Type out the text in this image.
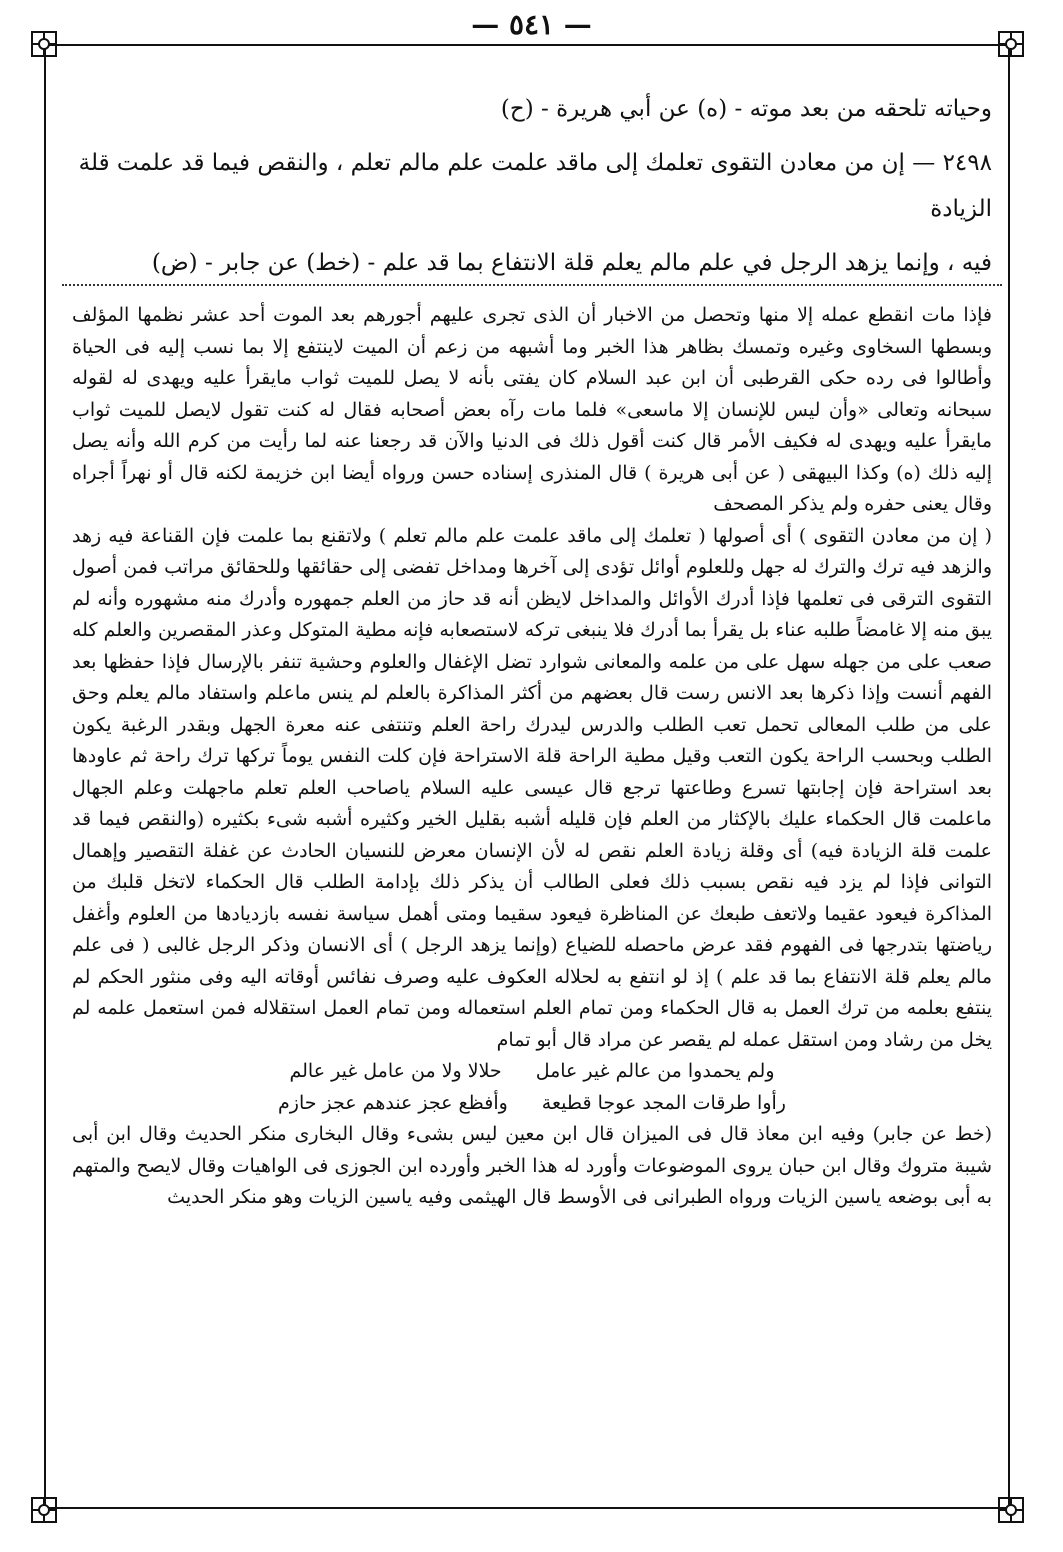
— ٥٤١ —

وحياته تلحقه من بعد موته - (ه) عن أبي هريرة - (ح)

٢٤٩٨ — إن من معادن التقوى تعلمك إلى ماقد علمت علم مالم تعلم ، والنقص فيما قد علمت قلة الزيادة

فيه ، وإنما يزهد الرجل في علم مالم يعلم قلة الانتفاع بما قد علم - (خط) عن جابر - (ض)

فإذا مات انقطع عمله إلا منها وتحصل من الاخبار أن الذى تجرى عليهم أجورهم بعد الموت أحد عشر نظمها المؤلف وبسطها السخاوى وغيره وتمسك بظاهر هذا الخبر وما أشبهه من زعم أن الميت لاينتفع إلا بما نسب إليه فى الحياة وأطالوا فى رده حكى القرطبى أن ابن عبد السلام كان يفتى بأنه لا يصل للميت ثواب مايقرأ عليه ويهدى له لقوله سبحانه وتعالى «وأن ليس للإنسان إلا ماسعى» فلما مات رآه بعض أصحابه فقال له كنت تقول لايصل للميت ثواب مايقرأ عليه ويهدى له فكيف الأمر قال كنت أقول ذلك فى الدنيا والآن قد رجعنا عنه لما رأيت من كرم الله وأنه يصل إليه ذلك (ه) وكذا البيهقى ( عن أبى هريرة ) قال المنذرى إسناده حسن ورواه أيضا ابن خزيمة لكنه قال أو نهراً أجراه وقال يعنى حفره ولم يذكر المصحف

( إن من معادن التقوى ) أى أصولها ( تعلمك إلى ماقد علمت علم مالم تعلم ) ولاتقنع بما علمت فإن القناعة فيه زهد والزهد فيه ترك والترك له جهل وللعلوم أوائل تؤدى إلى آخرها ومداخل تفضى إلى حقائقها وللحقائق مراتب فمن أصول التقوى الترقى فى تعلمها فإذا أدرك الأوائل والمداخل لايظن أنه قد حاز من العلم جمهوره وأدرك منه مشهوره وأنه لم يبق منه إلا غامضاً طلبه عناء بل يقرأ بما أدرك فلا ينبغى تركه لاستصعابه فإنه مطية المتوكل وعذر المقصرين والعلم كله صعب على من جهله سهل على من علمه والمعانى شوارد تضل الإغفال والعلوم وحشية تنفر بالإرسال فإذا حفظها بعد الفهم أنست وإذا ذكرها بعد الانس رست قال بعضهم من أكثر المذاكرة بالعلم لم ينس ماعلم واستفاد مالم يعلم وحق على من طلب المعالى تحمل تعب الطلب والدرس ليدرك راحة العلم وتنتفى عنه معرة الجهل وبقدر الرغبة يكون الطلب وبحسب الراحة يكون التعب وقيل مطية الراحة قلة الاستراحة فإن كلت النفس يوماً تركها ترك راحة ثم عاودها بعد استراحة فإن إجابتها تسرع وطاعتها ترجع قال عيسى عليه السلام ياصاحب العلم تعلم ماجهلت وعلم الجهال ماعلمت قال الحكماء عليك بالإكثار من العلم فإن قليله أشبه بقليل الخير وكثيره أشبه شىء بكثيره (والنقص فيما قد علمت قلة الزيادة فيه) أى وقلة زيادة العلم نقص له لأن الإنسان معرض للنسيان الحادث عن غفلة التقصير وإهمال التوانى فإذا لم يزد فيه نقص بسبب ذلك فعلى الطالب أن يذكر ذلك بإدامة الطلب قال الحكماء لاتخل قلبك من المذاكرة فيعود عقيما ولاتعف طبعك عن المناظرة فيعود سقيما ومتى أهمل سياسة نفسه بازديادها من العلوم وأغفل رياضتها بتدرجها فى الفهوم فقد عرض ماحصله للضياع (وإنما يزهد الرجل ) أى الانسان وذكر الرجل غالبى ( فى علم مالم يعلم قلة الانتفاع بما قد علم ) إذ لو انتفع به لحلاله العكوف عليه وصرف نفائس أوقاته اليه وفى منثور الحكم لم ينتفع بعلمه من ترك العمل به قال الحكماء ومن تمام العلم استعماله ومن تمام العمل استقلاله فمن استعمل علمه لم يخل من رشاد ومن استقل عمله لم يقصر عن مراد قال أبو تمام

ولم يحمدوا من عالم غير عامل
حلالا ولا من عامل غير عالم
رأوا طرقات المجد عوجا قطيعة
وأفظع عجز عندهم عجز حازم

(خط عن جابر) وفيه ابن معاذ قال فى الميزان قال ابن معين ليس بشىء وقال البخارى منكر الحديث وقال ابن أبى شيبة متروك وقال ابن حبان يروى الموضوعات وأورد له هذا الخبر وأورده ابن الجوزى فى الواهيات وقال لايصح والمتهم به أبى بوضعه ياسين الزيات ورواه الطبرانى فى الأوسط قال الهيثمى وفيه ياسين الزيات وهو منكر الحديث
